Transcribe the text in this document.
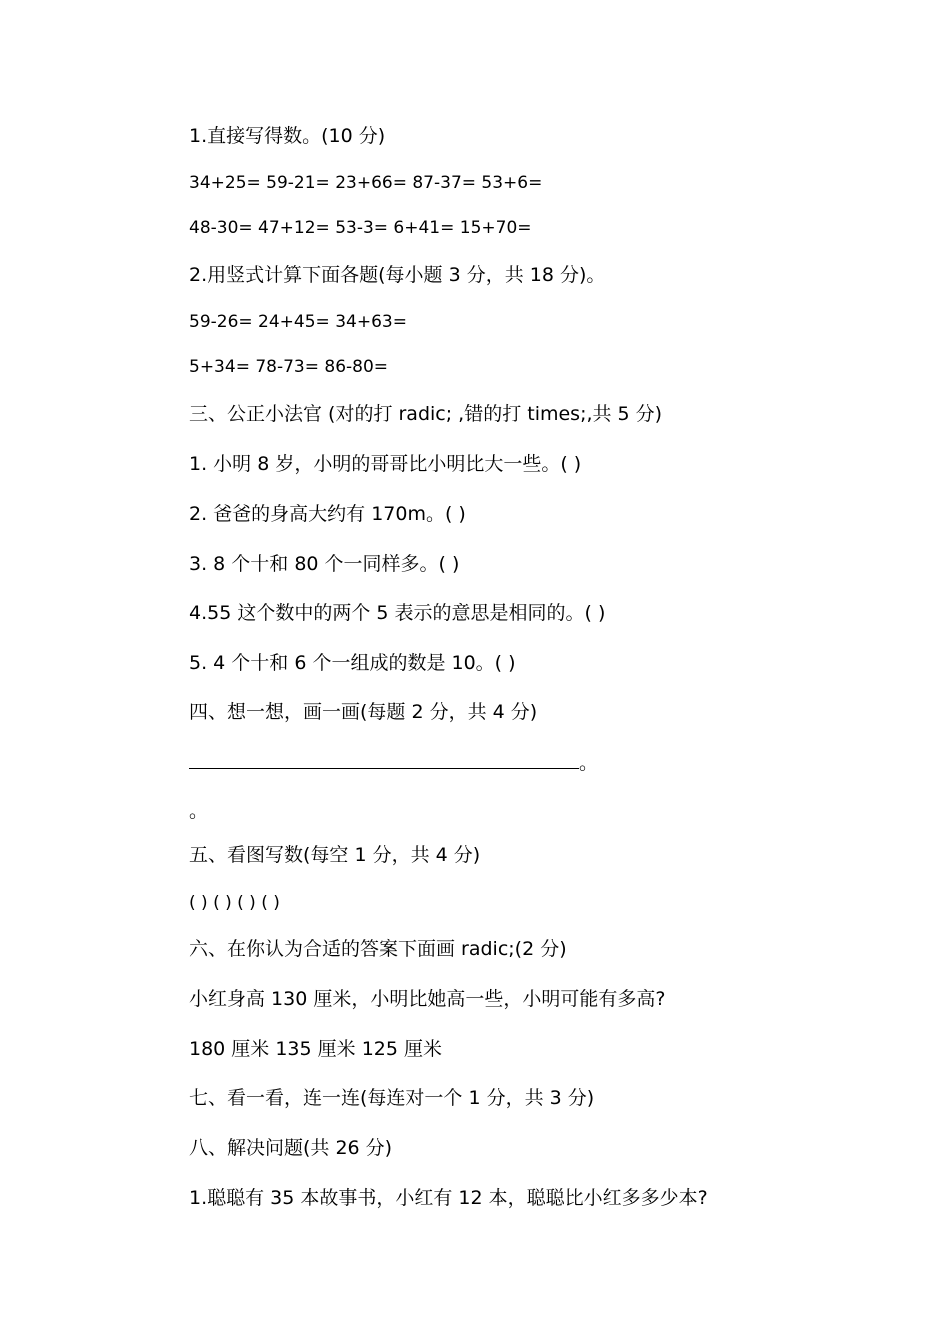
1.直接写得数。(10 分)
34+25= 59-21= 23+66= 87-37= 53+6=
48-30= 47+12= 53-3= 6+41= 15+70=
2.用竖式计算下面各题(每小题 3 分，共 18 分)。
59-26= 24+45= 34+63=
5+34= 78-73= 86-80=
三、公正小法官 (对的打 radic; ,错的打 times;,共 5 分)
1. 小明 8 岁，小明的哥哥比小明比大一些。( )
2. 爸爸的身高大约有 170m。( )
3. 8 个十和 80 个一同样多。( )
4.55 这个数中的两个 5 表示的意思是相同的。( )
5. 4 个十和 6 个一组成的数是 10。( )
四、想一想，画一画(每题 2 分，共 4 分)
。
。
五、看图写数(每空 1 分，共 4 分)
( ) ( ) ( ) ( )
六、在你认为合适的答案下面画 radic;(2 分)
小红身高 130 厘米，小明比她高一些，小明可能有多高?
180 厘米 135 厘米 125 厘米
七、看一看，连一连(每连对一个 1 分，共 3 分)
八、解决问题(共 26 分)
1.聪聪有 35 本故事书，小红有 12 本，聪聪比小红多多少本?
